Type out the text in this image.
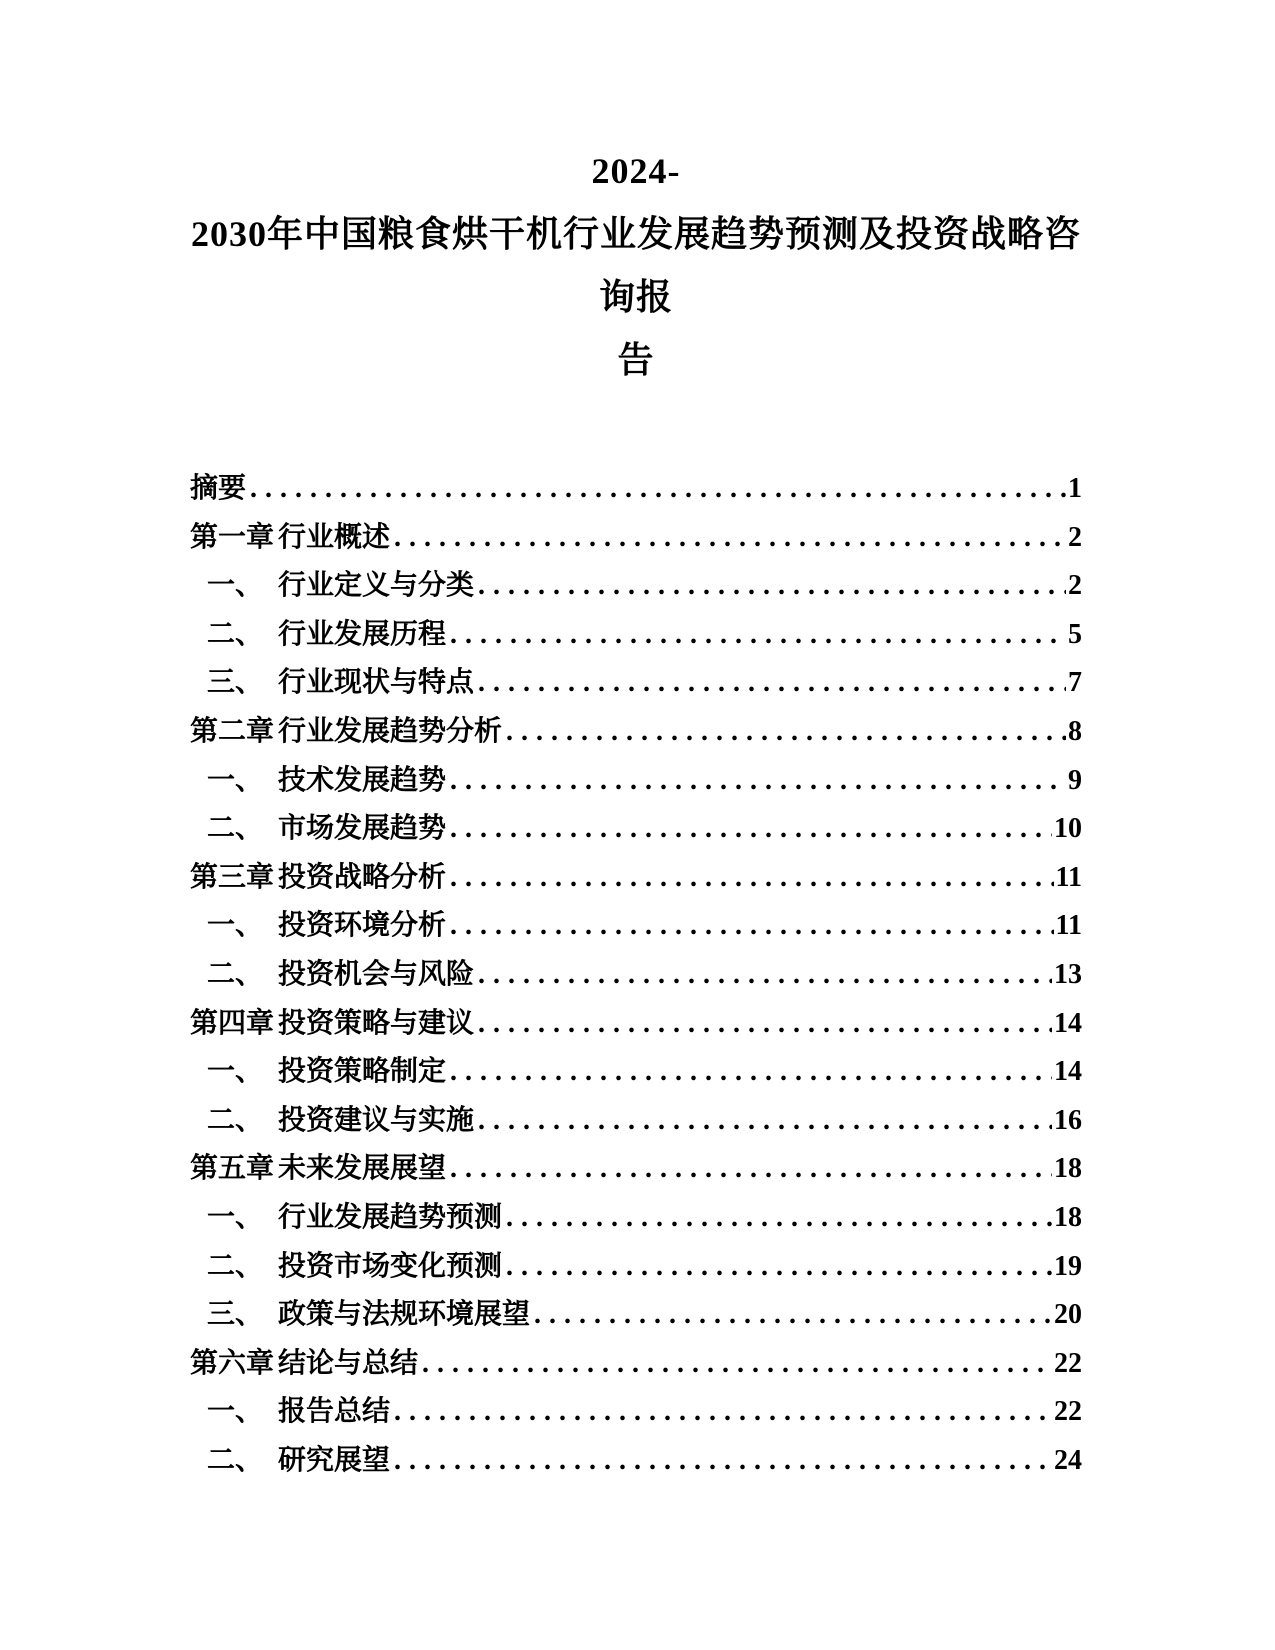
2024-
2030年中国粮食烘干机行业发展趋势预测及投资战略咨询报
告
摘要 .....	1
第一章 行业概述 .....	2
一、 行业定义与分类 .....	2
二、 行业发展历程 .....	5
三、 行业现状与特点 .....	7
第二章 行业发展趋势分析 .....	8
一、 技术发展趋势 .....	9
二、 市场发展趋势 .....	10
第三章 投资战略分析 .....	11
一、 投资环境分析 .....	11
二、 投资机会与风险 .....	13
第四章 投资策略与建议 .....	14
一、 投资策略制定 .....	14
二、 投资建议与实施 .....	16
第五章 未来发展展望 .....	18
一、 行业发展趋势预测 .....	18
二、 投资市场变化预测 .....	19
三、 政策与法规环境展望 .....	20
第六章 结论与总结 .....	22
一、 报告总结 .....	22
二、 研究展望 .....	24
